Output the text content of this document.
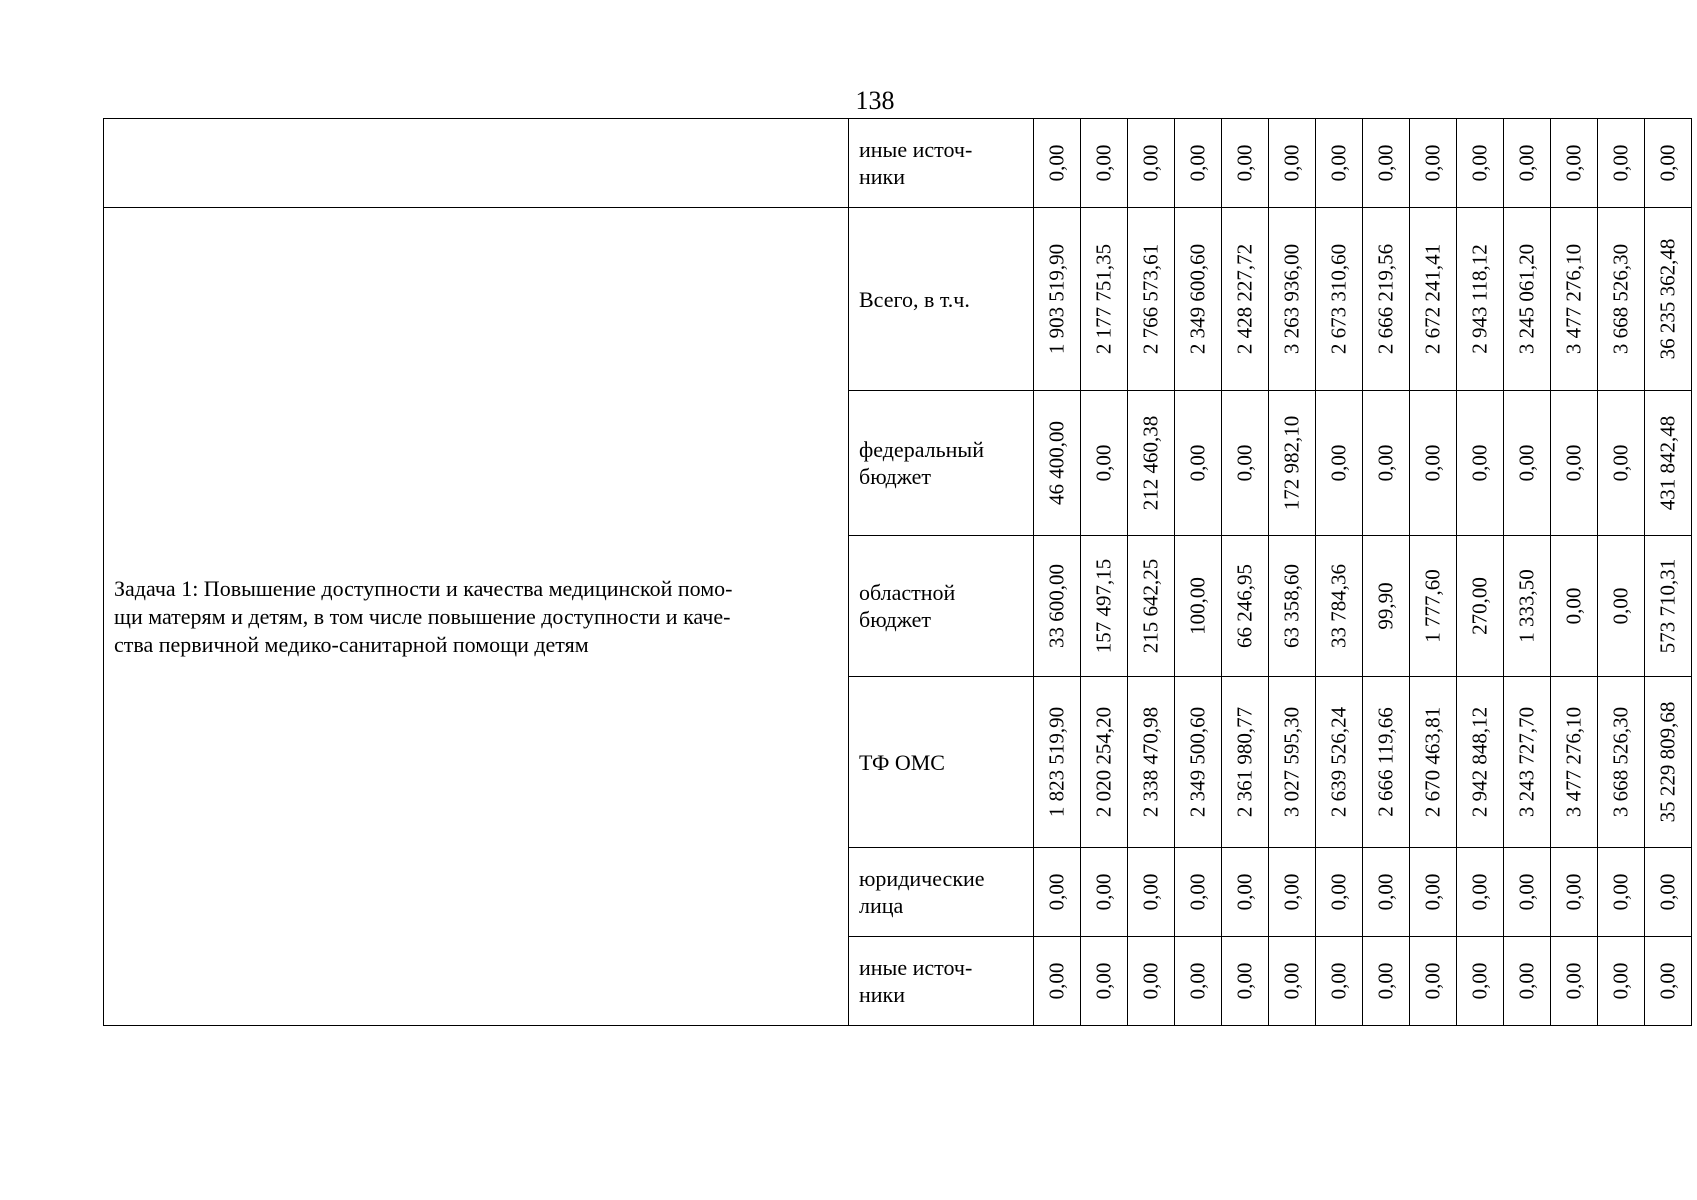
138
	иные источ-
ники	0,00	0,00	0,00	0,00	0,00	0,00	0,00	0,00	0,00	0,00	0,00	0,00	0,00	0,00

Задача 1: Повышение доступности и качества медицинской помо-
щи матерям и детям, в том числе повышение доступности и каче-
ства первичной медико-санитарной помощи детям	Всего, в т.ч.	1 903 519,90	2 177 751,35	2 766 573,61	2 349 600,60	2 428 227,72	3 263 936,00	2 673 310,60	2 666 219,56	2 672 241,41	2 943 118,12	3 245 061,20	3 477 276,10	3 668 526,30	36 235 362,48

	федеральный
бюджет	46 400,00	0,00	212 460,38	0,00	0,00	172 982,10	0,00	0,00	0,00	0,00	0,00	0,00	0,00	431 842,48

	областной
бюджет	33 600,00	157 497,15	215 642,25	100,00	66 246,95	63 358,60	33 784,36	99,90	1 777,60	270,00	1 333,50	0,00	0,00	573 710,31

	ТФ ОМС	1 823 519,90	2 020 254,20	2 338 470,98	2 349 500,60	2 361 980,77	3 027 595,30	2 639 526,24	2 666 119,66	2 670 463,81	2 942 848,12	3 243 727,70	3 477 276,10	3 668 526,30	35 229 809,68

	юридические
лица	0,00	0,00	0,00	0,00	0,00	0,00	0,00	0,00	0,00	0,00	0,00	0,00	0,00	0,00

	иные источ-
ники	0,00	0,00	0,00	0,00	0,00	0,00	0,00	0,00	0,00	0,00	0,00	0,00	0,00	0,00
